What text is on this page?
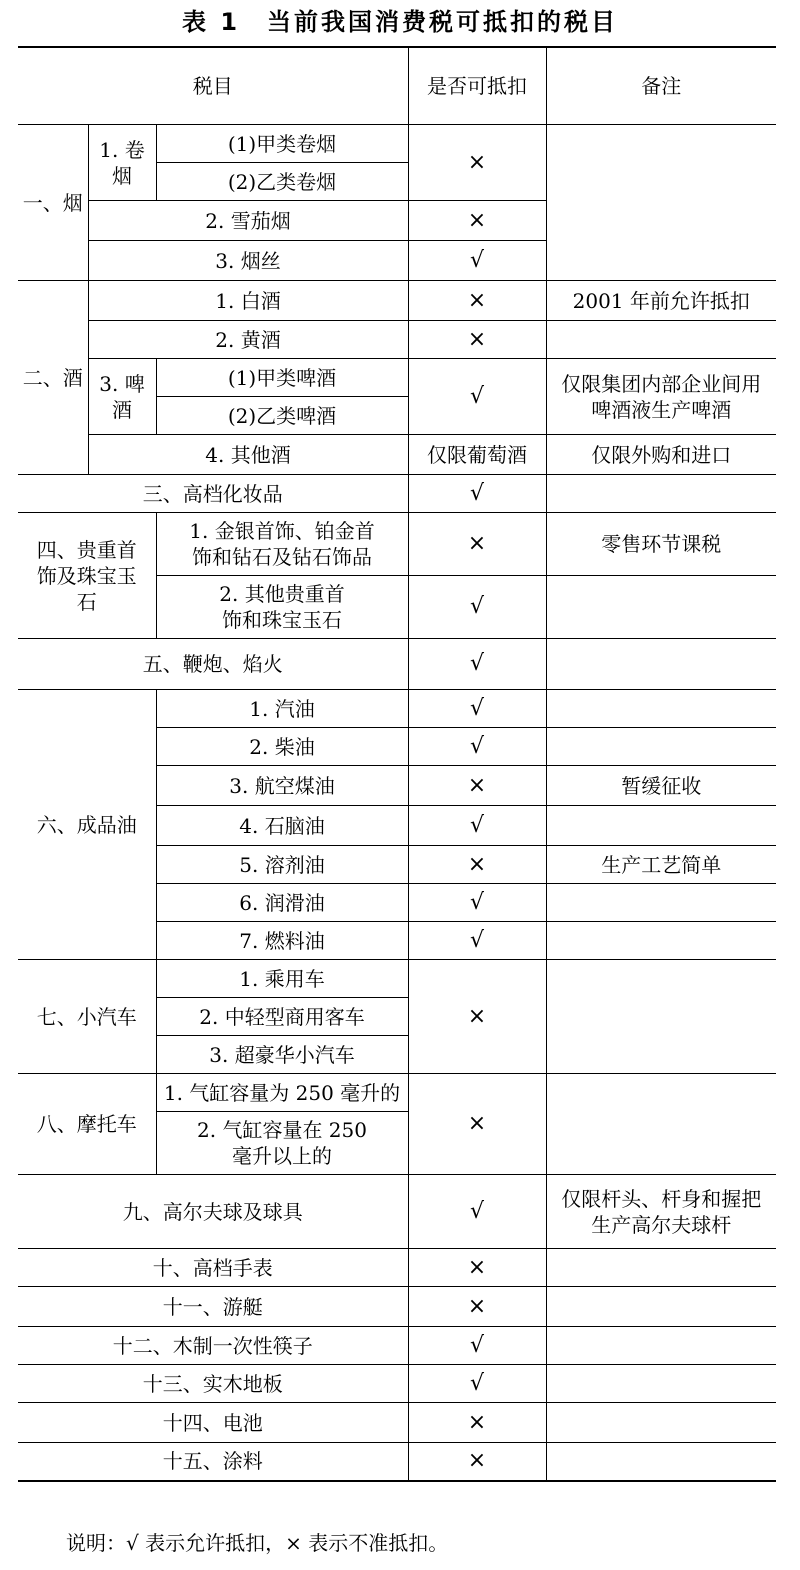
表 1　当前我国消费税可抵扣的税目
税目			是否可抵扣	备注
一、烟	1. 卷烟	(1)甲类卷烟	×	
		(2)乙类卷烟		
	2. 雪茄烟		×	
	3. 烟丝		√	
二、酒	1. 白酒		×	2001 年前允许抵扣
	2. 黄酒		×	
	3. 啤酒	(1)甲类啤酒	√	仅限集团内部企业间用啤酒液生产啤酒
		(2)乙类啤酒		
	4. 其他酒		仅限葡萄酒	仅限外购和进口
三、高档化妆品			√	
四、贵重首饰及珠宝玉石		1. 金银首饰、铂金首饰和钻石及钻石饰品	×	零售环节课税
		2. 其他贵重首饰和珠宝玉石	√	
五、鞭炮、焰火			√	
六、成品油		1. 汽油	√	
		2. 柴油	√	
		3. 航空煤油	×	暂缓征收
		4. 石脑油	√	
		5. 溶剂油	×	生产工艺简单
		6. 润滑油	√	
		7. 燃料油	√	
七、小汽车		1. 乘用车	×	
		2. 中轻型商用客车		
		3. 超豪华小汽车		
八、摩托车		1. 气缸容量为 250 毫升的	×	
		2. 气缸容量在 250 毫升以上的		
九、高尔夫球及球具			√	仅限杆头、杆身和握把生产高尔夫球杆
十、高档手表			×	
十一、游艇			×	
十二、木制一次性筷子			√	
十三、实木地板			√	
十四、电池			×	
十五、涂料			×	
说明：√ 表示允许抵扣，× 表示不准抵扣。
